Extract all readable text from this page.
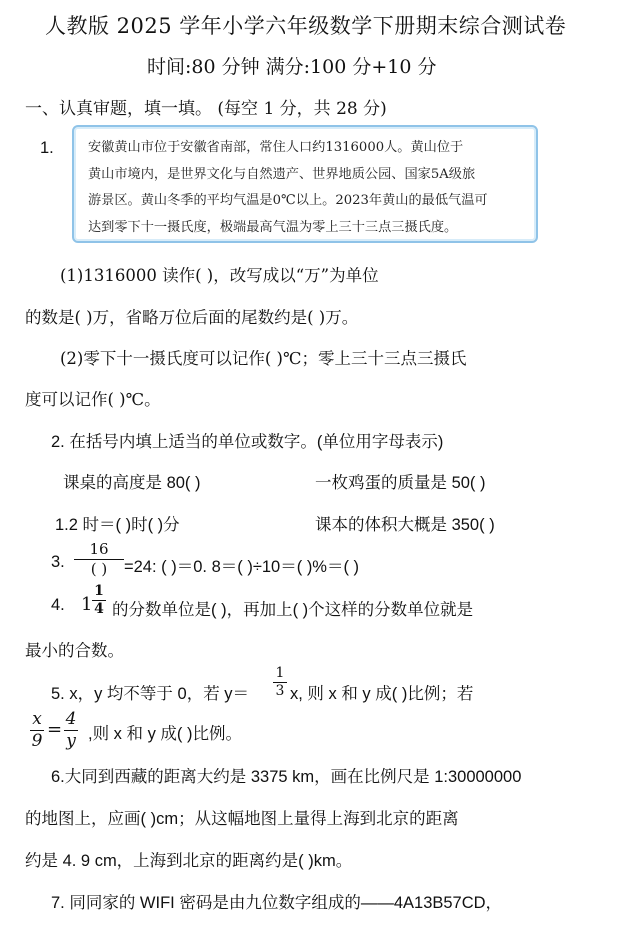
人教版 2025 学年小学六年级数学下册期末综合测试卷
时间:80 分钟 满分:100 分+10 分
一、认真审题，填一填。 (每空 1 分，共 28 分)
1.	安徽黄山市位于安徽省南部，常住人口约1316000人。黄山位于
黄山市境内，是世界文化与自然遗产、世界地质公园、国家5A级旅
游景区。黄山冬季的平均气温是0℃以上。2023年黄山的最低气温可
达到零下十一摄氏度，极端最高气温为零上三十三点三摄氏度。
(1)1316000 读作( )，改写成以“万”为单位
的数是( )万，省略万位后面的尾数约是( )万。
(2)零下十一摄氏度可以记作( )℃；零上三十三点三摄氏
度可以记作( )℃。
2. 在括号内填上适当的单位或数字。(单位用字母表示)
课桌的高度是 80( )	一枚鸡蛋的质量是 50( )
1.2 时＝( )时( )分	课本的体积大概是 350( )
3.
16
( )	=24: ( )＝0. 8＝( )÷10＝( )%＝( )
4. 1
1
4 的分数单位是( )，再加上( )个这样的分数单位就是
最小的合数。
5. x，y 均不等于 0，若 y＝
1
3 x, 则 x 和 y 成( )比例；若
x
9
= 4
y ,则 x 和 y 成( )比例。
6.大同到西藏的距离大约是 3375 km，画在比例尺是 1:30000000
的地图上，应画( )cm；从这幅地图上量得上海到北京的距离
约是 4. 9 cm，上海到北京的距离约是( )km。
7. 同同家的 WIFI 密码是由九位数字组成的——4A13B57CD，
